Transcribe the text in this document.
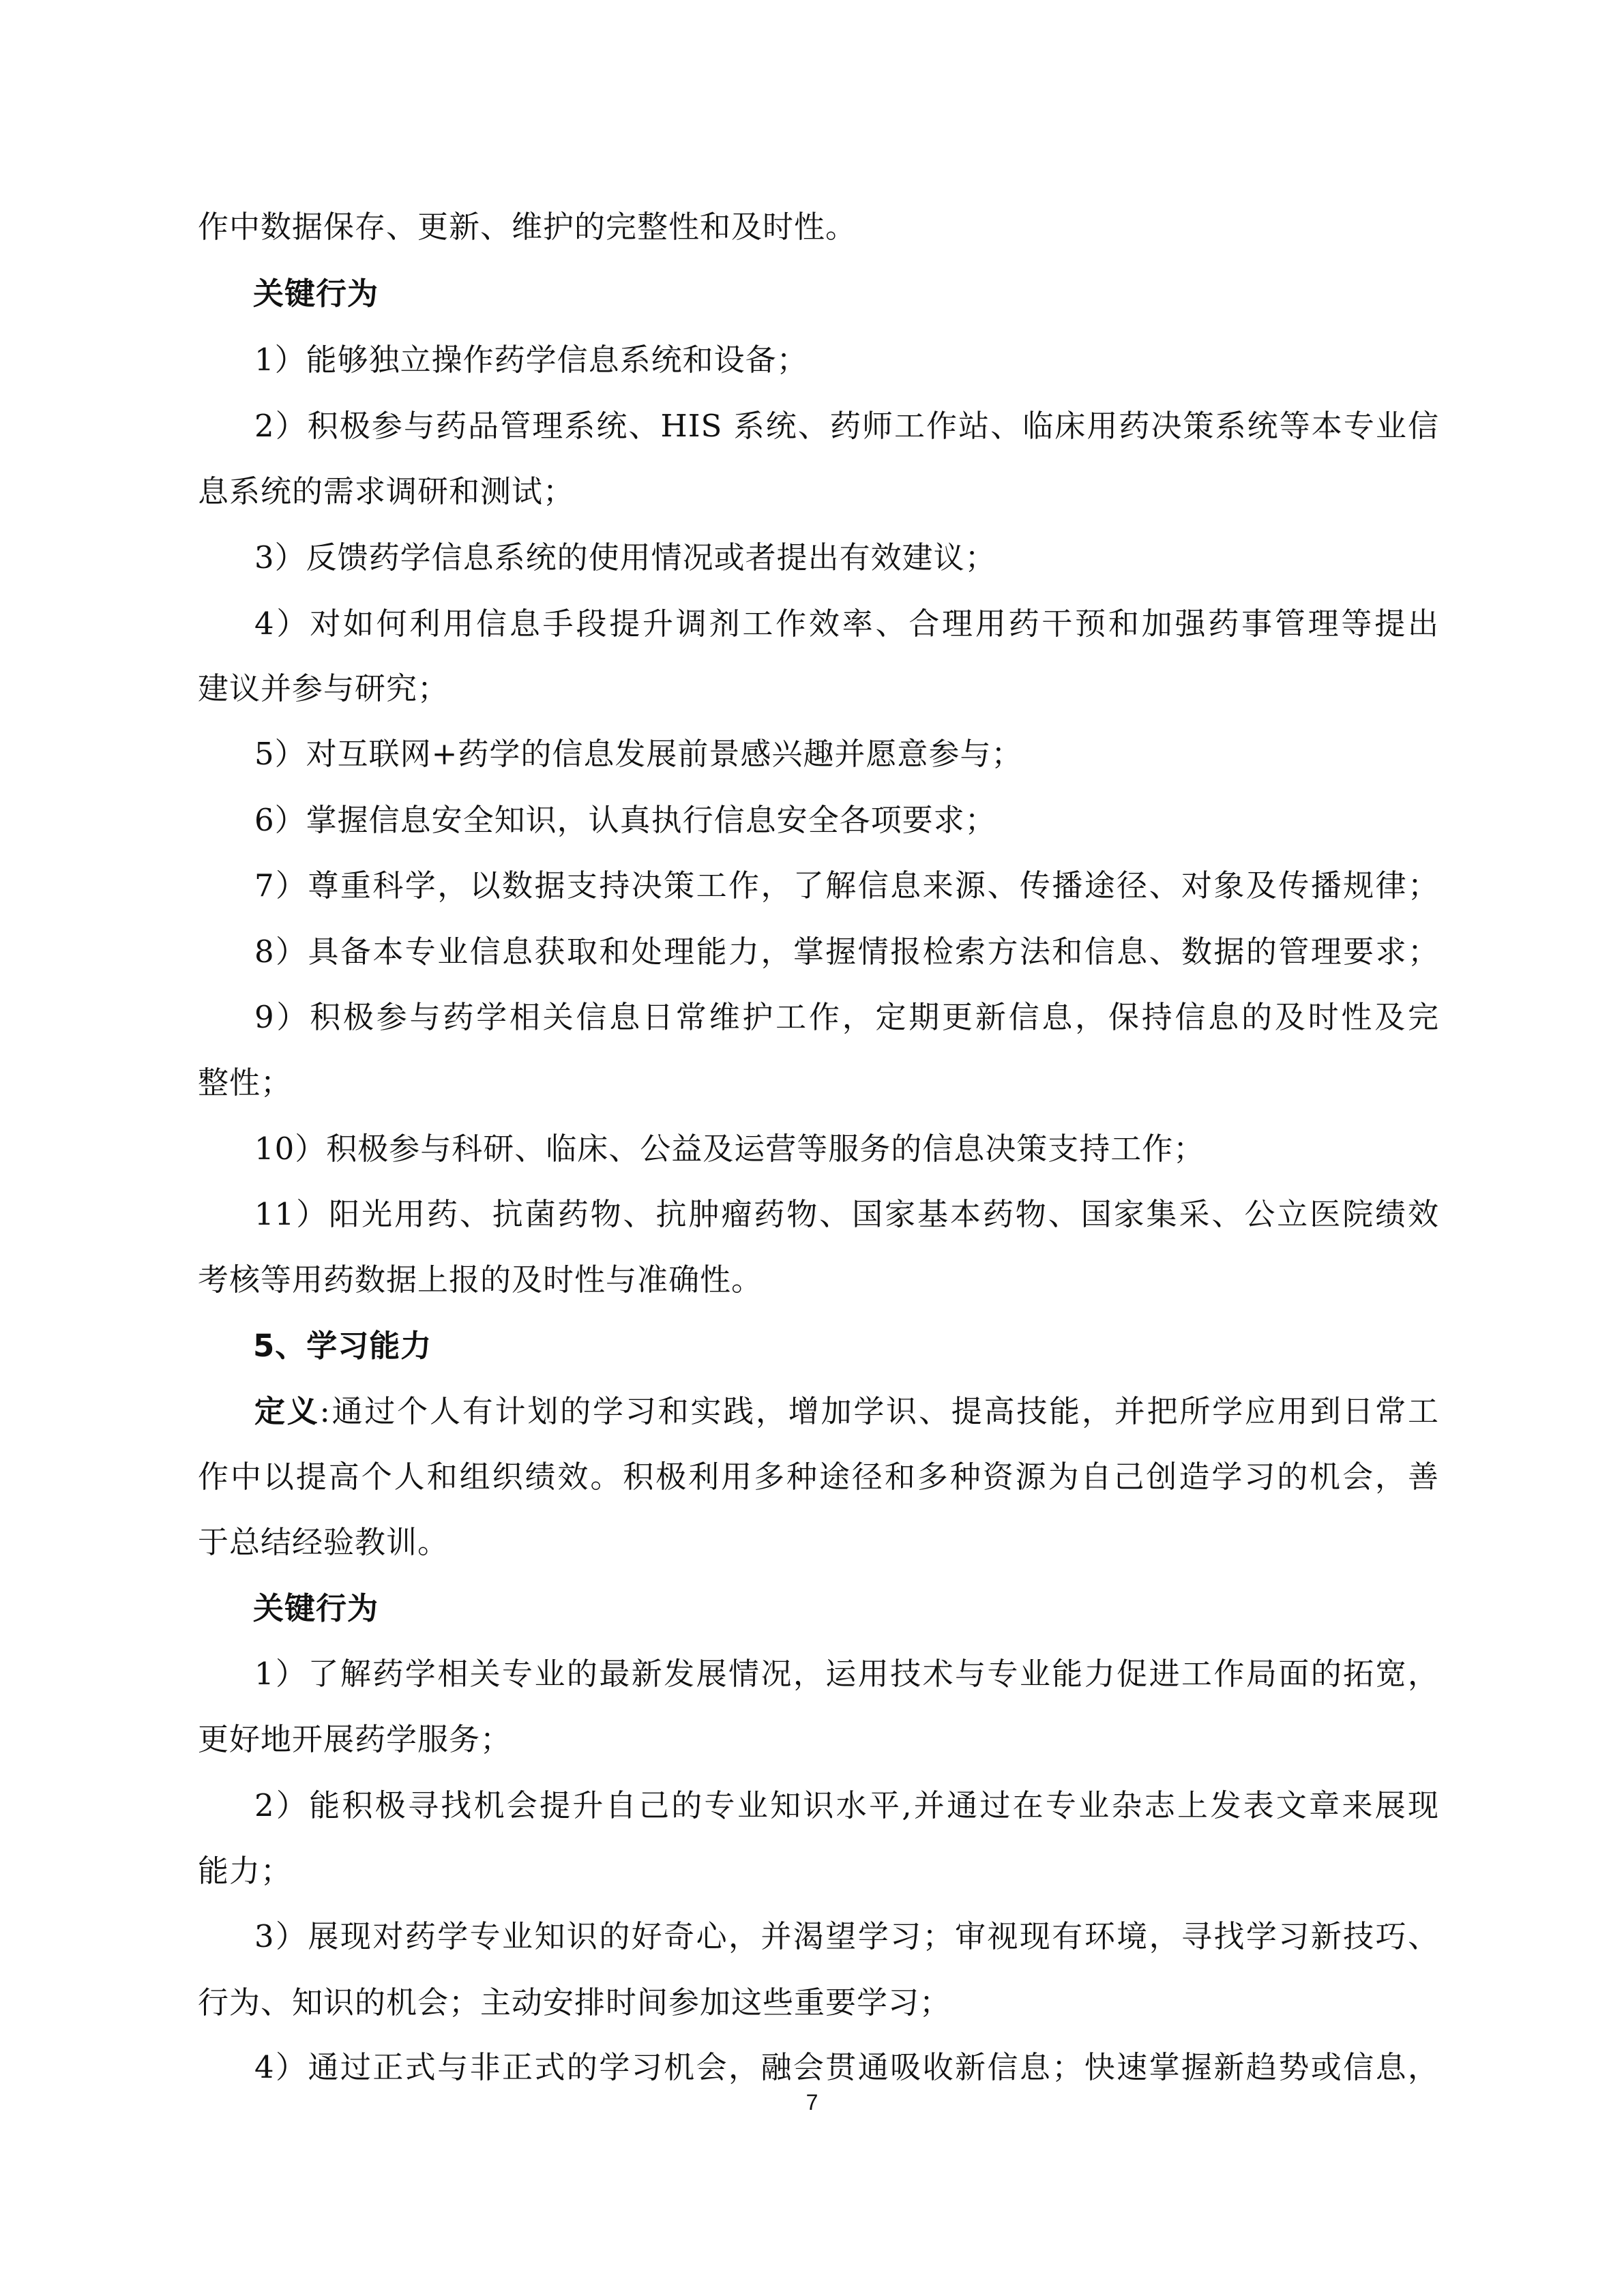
作中数据保存、更新、维护的完整性和及时性。

关键行为

1）能够独立操作药学信息系统和设备；

2）积极参与药品管理系统、HIS 系统、药师工作站、临床用药决策系统等本专业信

息系统的需求调研和测试；

3）反馈药学信息系统的使用情况或者提出有效建议；

4）对如何利用信息手段提升调剂工作效率、合理用药干预和加强药事管理等提出

建议并参与研究；

5）对互联网+药学的信息发展前景感兴趣并愿意参与；

6）掌握信息安全知识，认真执行信息安全各项要求；

7）尊重科学，以数据支持决策工作，了解信息来源、传播途径、对象及传播规律；

8）具备本专业信息获取和处理能力，掌握情报检索方法和信息、数据的管理要求；

9）积极参与药学相关信息日常维护工作，定期更新信息，保持信息的及时性及完

整性；

10）积极参与科研、临床、公益及运营等服务的信息决策支持工作；

11）阳光用药、抗菌药物、抗肿瘤药物、国家基本药物、国家集采、公立医院绩效

考核等用药数据上报的及时性与准确性。

5、学习能力

定义:通过个人有计划的学习和实践，增加学识、提高技能，并把所学应用到日常工

作中以提高个人和组织绩效。积极利用多种途径和多种资源为自己创造学习的机会，善

于总结经验教训。

关键行为

1）了解药学相关专业的最新发展情况，运用技术与专业能力促进工作局面的拓宽，

更好地开展药学服务；

2）能积极寻找机会提升自己的专业知识水平,并通过在专业杂志上发表文章来展现

能力；

3）展现对药学专业知识的好奇心，并渴望学习；审视现有环境，寻找学习新技巧、

行为、知识的机会；主动安排时间参加这些重要学习；

4）通过正式与非正式的学习机会，融会贯通吸收新信息；快速掌握新趋势或信息，

7
